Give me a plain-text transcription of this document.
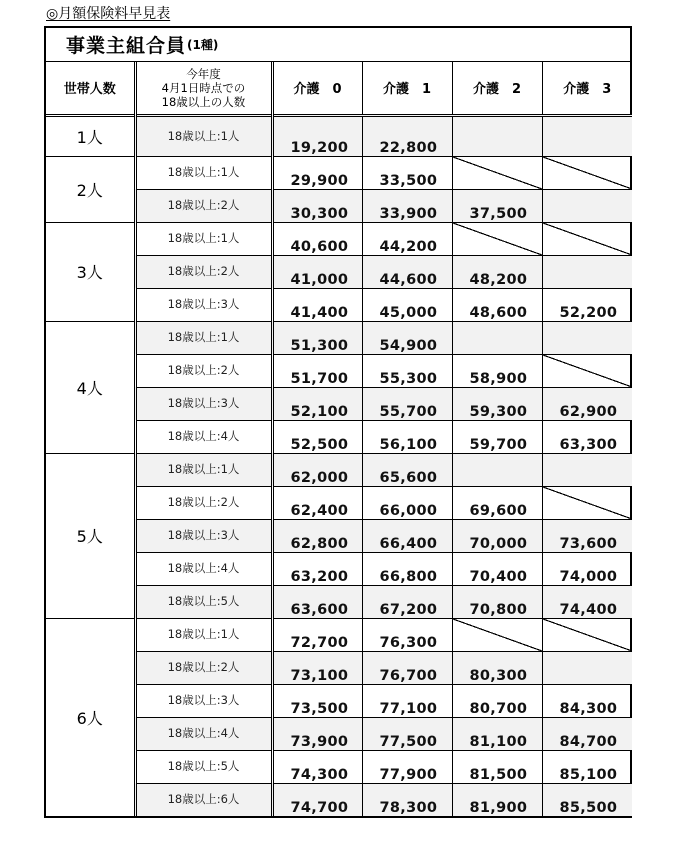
◎月額保険料早見表
事業主組合員 (1種)
世帯人数	今年度
4月1日時点での
18歳以上の人数	介護　0	介護　1	介護　2	介護　3
1人	18歳以上:1人	19,200	22,800		
2人	18歳以上:1人	29,900	33,500		
	18歳以上:2人	30,300	33,900	37,500	
3人	18歳以上:1人	40,600	44,200		
	18歳以上:2人	41,000	44,600	48,200	
	18歳以上:3人	41,400	45,000	48,600	52,200
4人	18歳以上:1人	51,300	54,900		
	18歳以上:2人	51,700	55,300	58,900	
	18歳以上:3人	52,100	55,700	59,300	62,900
	18歳以上:4人	52,500	56,100	59,700	63,300
5人	18歳以上:1人	62,000	65,600		
	18歳以上:2人	62,400	66,000	69,600	
	18歳以上:3人	62,800	66,400	70,000	73,600
	18歳以上:4人	63,200	66,800	70,400	74,000
	18歳以上:5人	63,600	67,200	70,800	74,400
6人	18歳以上:1人	72,700	76,300		
	18歳以上:2人	73,100	76,700	80,300	
	18歳以上:3人	73,500	77,100	80,700	84,300
	18歳以上:4人	73,900	77,500	81,100	84,700
	18歳以上:5人	74,300	77,900	81,500	85,100
	18歳以上:6人	74,700	78,300	81,900	85,500
